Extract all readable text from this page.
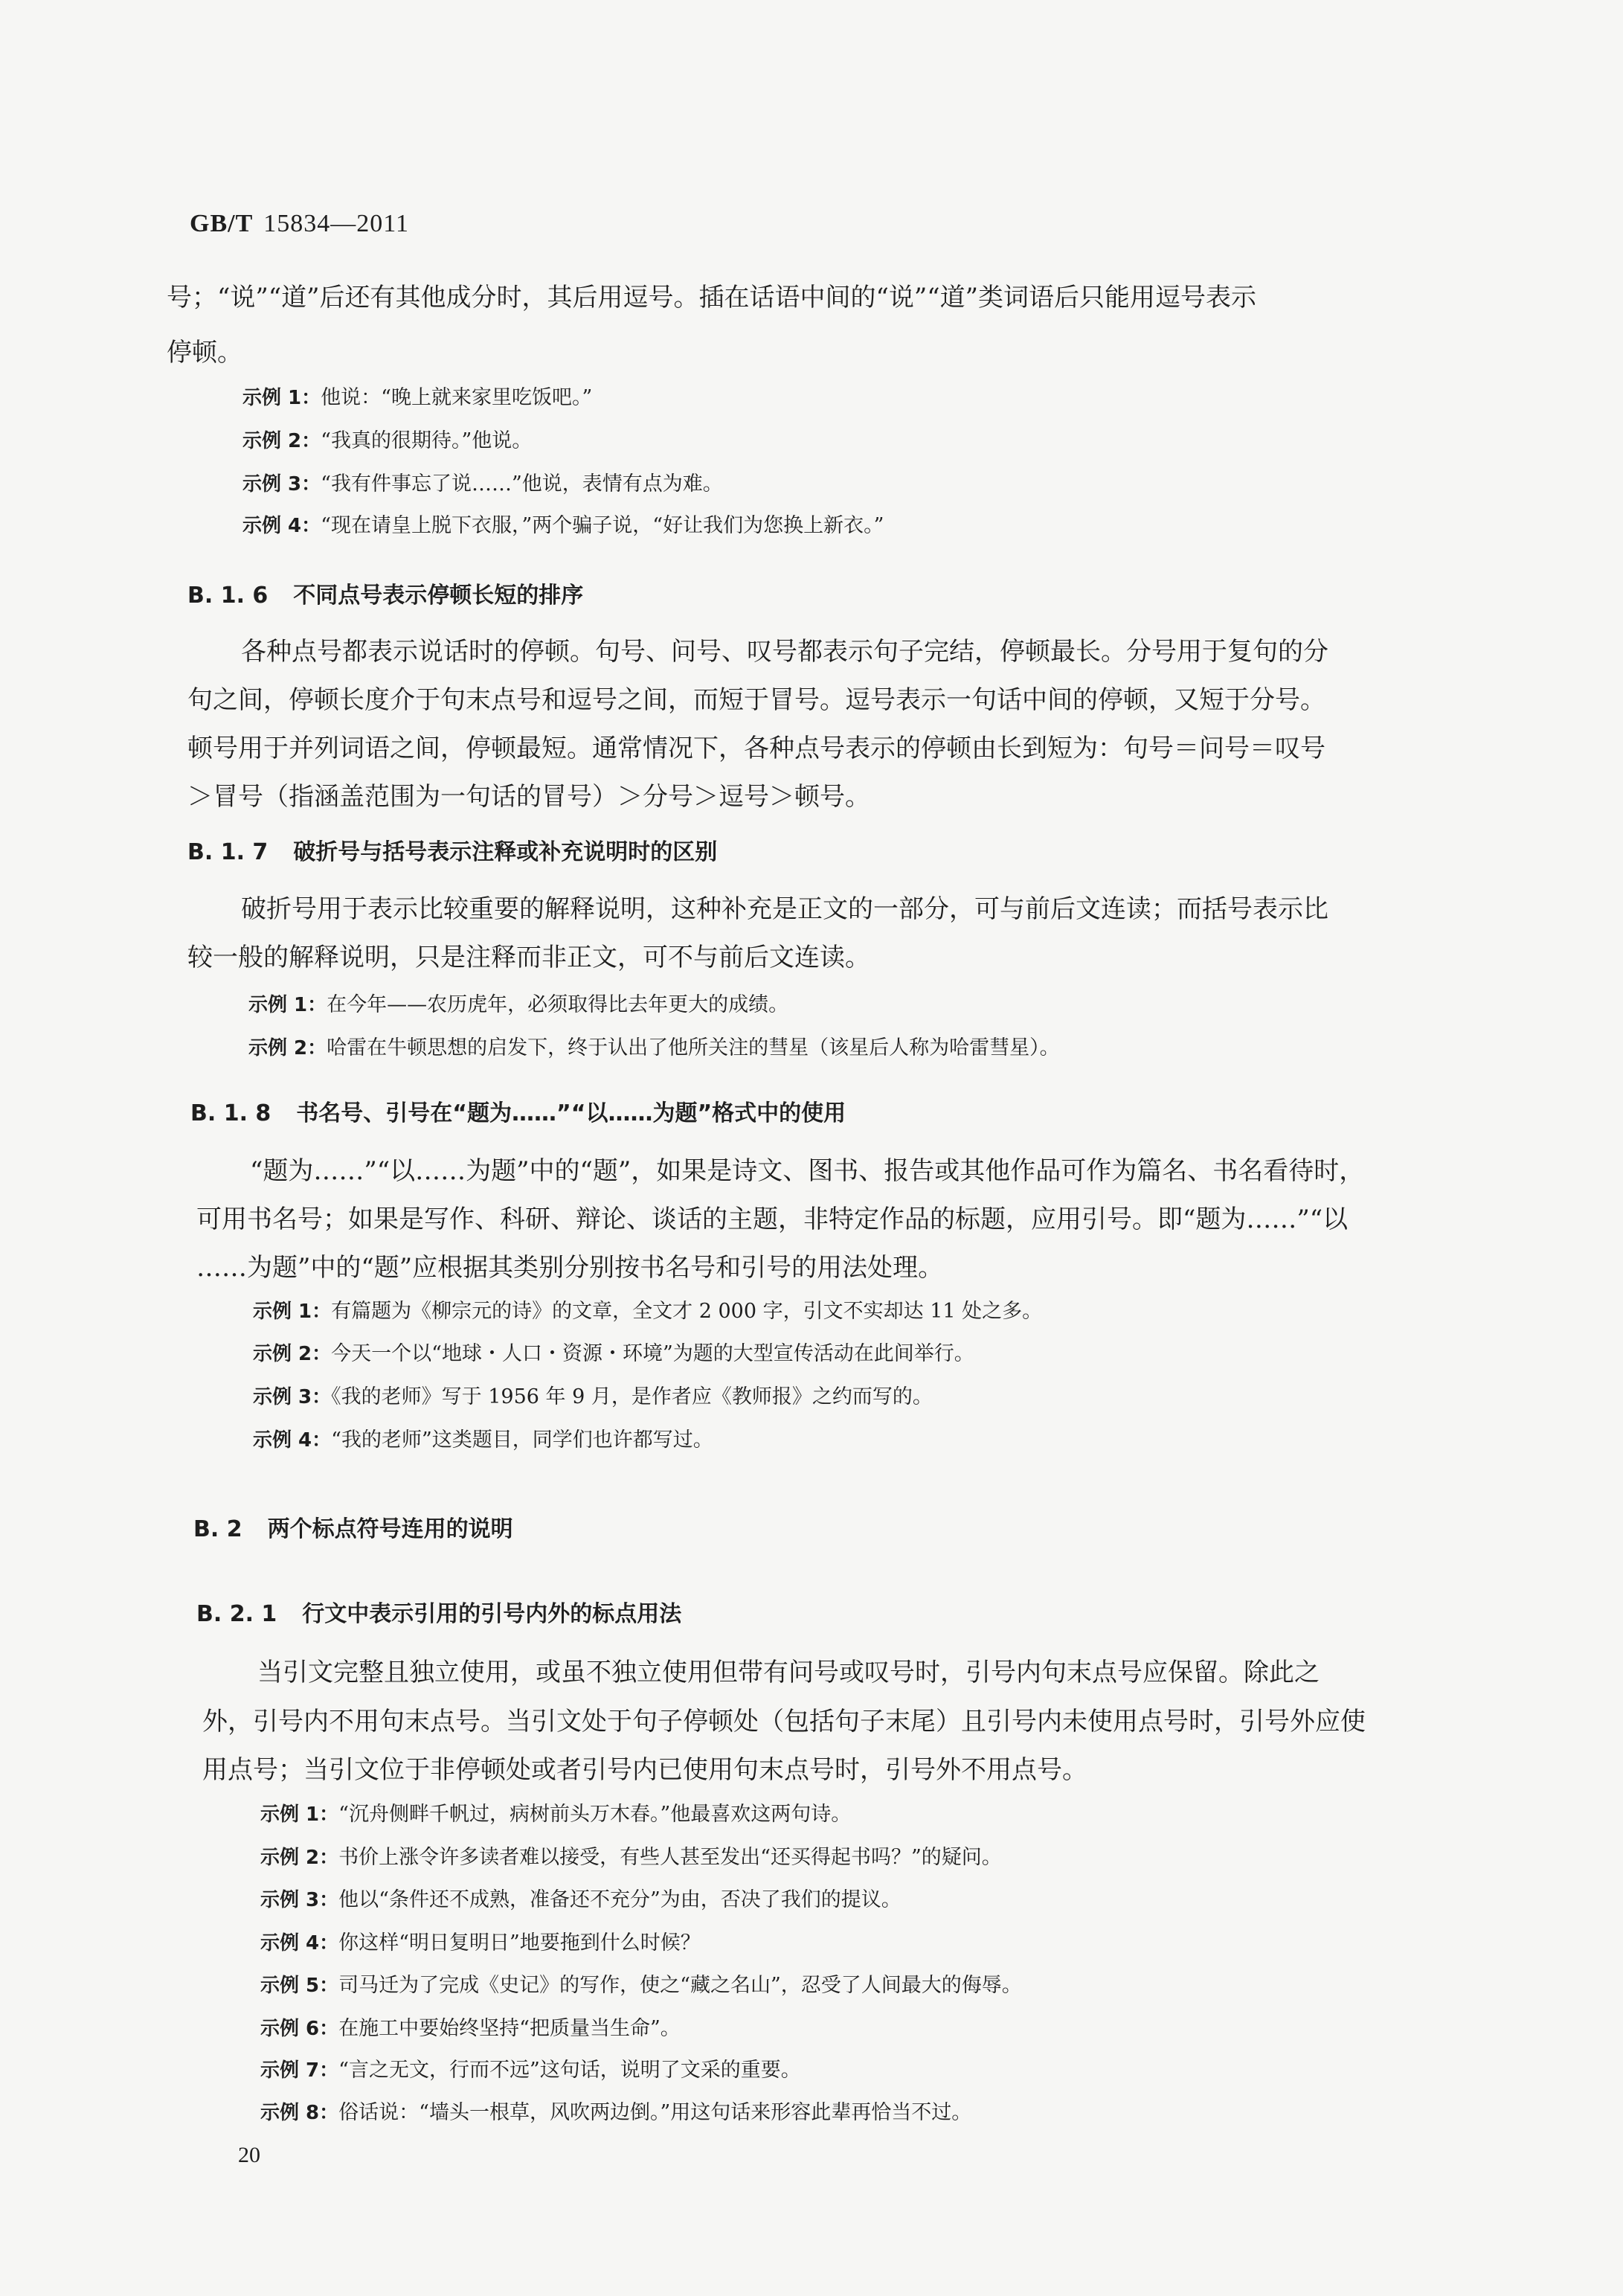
GB/T 15834—2011
号；“说”“道”后还有其他成分时，其后用逗号。插在话语中间的“说”“道”类词语后只能用逗号表示
停顿。
示例 1：他说：“晚上就来家里吃饭吧。”
示例 2：“我真的很期待。”他说。
示例 3：“我有件事忘了说……”他说，表情有点为难。
示例 4：“现在请皇上脱下衣服，”两个骗子说，“好让我们为您换上新衣。”
B. 1. 6 不同点号表示停顿长短的排序
各种点号都表示说话时的停顿。句号、问号、叹号都表示句子完结，停顿最长。分号用于复句的分
句之间，停顿长度介于句末点号和逗号之间，而短于冒号。逗号表示一句话中间的停顿，又短于分号。
顿号用于并列词语之间，停顿最短。通常情况下，各种点号表示的停顿由长到短为：句号＝问号＝叹号
＞冒号（指涵盖范围为一句话的冒号）＞分号＞逗号＞顿号。
B. 1. 7 破折号与括号表示注释或补充说明时的区别
破折号用于表示比较重要的解释说明，这种补充是正文的一部分，可与前后文连读；而括号表示比
较一般的解释说明，只是注释而非正文，可不与前后文连读。
示例 1：在今年——农历虎年，必须取得比去年更大的成绩。
示例 2：哈雷在牛顿思想的启发下，终于认出了他所关注的彗星（该星后人称为哈雷彗星）。
B. 1. 8 书名号、引号在“题为……”“以……为题”格式中的使用
“题为……”“以……为题”中的“题”，如果是诗文、图书、报告或其他作品可作为篇名、书名看待时，
可用书名号；如果是写作、科研、辩论、谈话的主题，非特定作品的标题，应用引号。即“题为……”“以
……为题”中的“题”应根据其类别分别按书名号和引号的用法处理。
示例 1：有篇题为《柳宗元的诗》的文章，全文才 2 000 字，引文不实却达 11 处之多。
示例 2：今天一个以“地球・人口・资源・环境”为题的大型宣传活动在此间举行。
示例 3：《我的老师》写于 1956 年 9 月，是作者应《教师报》之约而写的。
示例 4：“我的老师”这类题目，同学们也许都写过。
B. 2 两个标点符号连用的说明
B. 2. 1 行文中表示引用的引号内外的标点用法
当引文完整且独立使用，或虽不独立使用但带有问号或叹号时，引号内句末点号应保留。除此之
外，引号内不用句末点号。当引文处于句子停顿处（包括句子末尾）且引号内未使用点号时，引号外应使
用点号；当引文位于非停顿处或者引号内已使用句末点号时，引号外不用点号。
示例 1：“沉舟侧畔千帆过，病树前头万木春。”他最喜欢这两句诗。
示例 2：书价上涨令许多读者难以接受，有些人甚至发出“还买得起书吗？”的疑问。
示例 3：他以“条件还不成熟，准备还不充分”为由，否决了我们的提议。
示例 4：你这样“明日复明日”地要拖到什么时候？
示例 5：司马迁为了完成《史记》的写作，使之“藏之名山”，忍受了人间最大的侮辱。
示例 6：在施工中要始终坚持“把质量当生命”。
示例 7：“言之无文，行而不远”这句话，说明了文采的重要。
示例 8：俗话说：“墙头一根草，风吹两边倒。”用这句话来形容此辈再恰当不过。
20
